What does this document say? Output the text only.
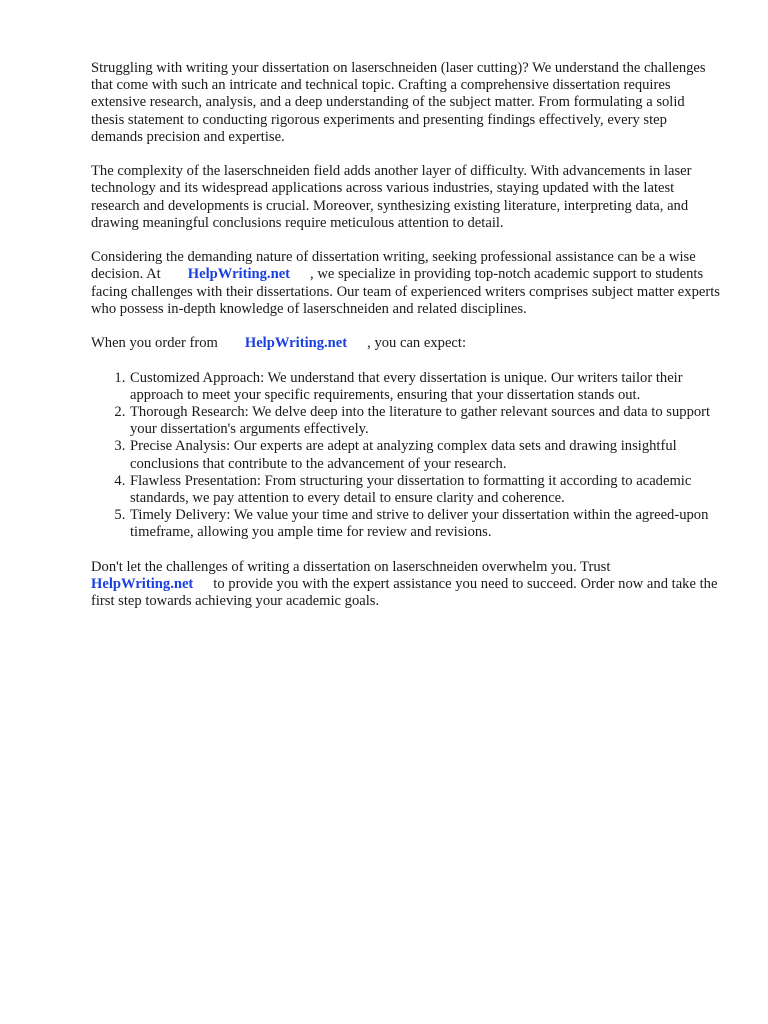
Struggling with writing your dissertation on laserschneiden (laser cutting)? We understand the challenges that come with such an intricate and technical topic. Crafting a comprehensive dissertation requires extensive research, analysis, and a deep understanding of the subject matter. From formulating a solid thesis statement to conducting rigorous experiments and presenting findings effectively, every step demands precision and expertise.

The complexity of the laserschneiden field adds another layer of difficulty. With advancements in laser technology and its widespread applications across various industries, staying updated with the latest research and developments is crucial. Moreover, synthesizing existing literature, interpreting data, and drawing meaningful conclusions require meticulous attention to detail.

Considering the demanding nature of dissertation writing, seeking professional assistance can be a wise decision. At HelpWriting.net , we specialize in providing top-notch academic support to students facing challenges with their dissertations. Our team of experienced writers comprises subject matter experts who possess in-depth knowledge of laserschneiden and related disciplines.

When you order from HelpWriting.net , you can expect:

1. Customized Approach: We understand that every dissertation is unique. Our writers tailor their approach to meet your specific requirements, ensuring that your dissertation stands out.
2. Thorough Research: We delve deep into the literature to gather relevant sources and data to support your dissertation's arguments effectively.
3. Precise Analysis: Our experts are adept at analyzing complex data sets and drawing insightful conclusions that contribute to the advancement of your research.
4. Flawless Presentation: From structuring your dissertation to formatting it according to academic standards, we pay attention to every detail to ensure clarity and coherence.
5. Timely Delivery: We value your time and strive to deliver your dissertation within the agreed-upon timeframe, allowing you ample time for review and revisions.

Don't let the challenges of writing a dissertation on laserschneiden overwhelm you. Trust HelpWriting.net to provide you with the expert assistance you need to succeed. Order now and take the first step towards achieving your academic goals.
